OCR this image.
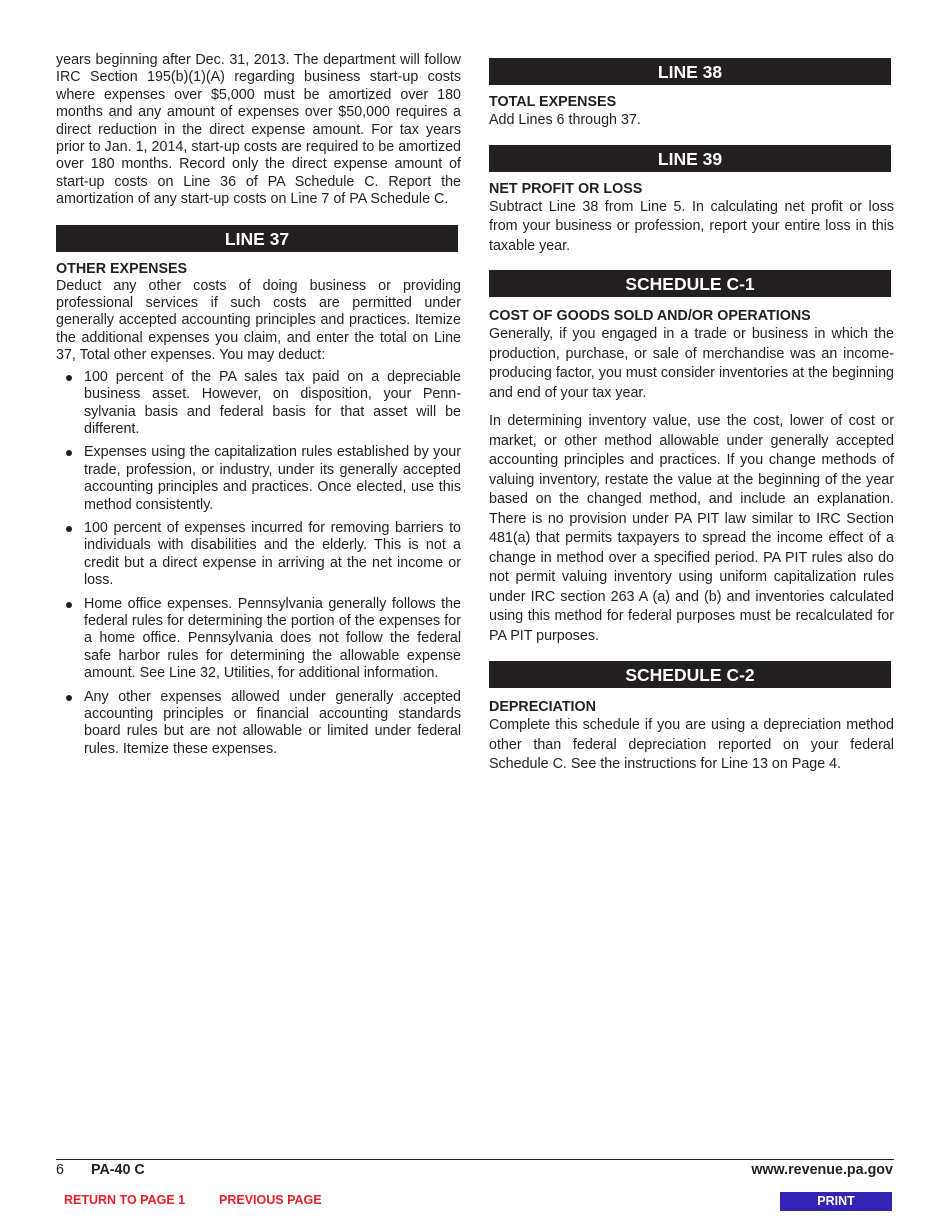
years beginning after Dec. 31, 2013. The department will follow IRC Section 195(b)(1)(A) regarding business start-up costs where expenses over $5,000 must be amortized over 180 months and any amount of expenses over $50,000 requires a direct reduction in the direct expense amount. For tax years prior to Jan. 1, 2014, start-up costs are required to be amortized over 180 months. Record only the direct expense amount of start-up costs on Line 36 of PA Schedule C. Report the amortization of any start-up costs on Line 7 of PA Schedule C.

LINE 37
OTHER EXPENSES

Deduct any other costs of doing business or providing professional services if such costs are permitted under generally accepted accounting principles and practices. Itemize the additional expenses you claim, and enter the total on Line 37, Total other expenses. You may deduct:

100 percent of the PA sales tax paid on a depreciable business asset. However, on disposition, your Pennsylvania basis and federal basis for that asset will be different.
Expenses using the capitalization rules established by your trade, profession, or industry, under its generally accepted accounting principles and practices. Once elected, use this method consistently.
100 percent of expenses incurred for removing barriers to individuals with disabilities and the elderly. This is not a credit but a direct expense in arriving at the net income or loss.
Home office expenses. Pennsylvania generally follows the federal rules for determining the portion of the expenses for a home office. Pennsylvania does not follow the federal safe harbor rules for determining the allowable expense amount. See Line 32, Utilities, for additional information.
Any other expenses allowed under generally accepted accounting principles or financial accounting standards board rules but are not allowable or limited under federal rules. Itemize these expenses.
LINE 38
TOTAL EXPENSES

Add Lines 6 through 37.

LINE 39
NET PROFIT OR LOSS

Subtract Line 38 from Line 5. In calculating net profit or loss from your business or profession, report your entire loss in this taxable year.

SCHEDULE C-1
COST OF GOODS SOLD AND/OR OPERATIONS

Generally, if you engaged in a trade or business in which the production, purchase, or sale of merchandise was an income-producing factor, you must consider inventories at the beginning and end of your tax year.

In determining inventory value, use the cost, lower of cost or market, or other method allowable under generally accepted accounting principles and practices. If you change methods of valuing inventory, restate the value at the beginning of the year based on the changed method, and include an explanation. There is no provision under PA PIT law similar to IRC Section 481(a) that permits taxpayers to spread the income effect of a change in method over a specified period. PA PIT rules also do not permit valuing inventory using uniform capitalization rules under IRC section 263 A (a) and (b) and inventories calculated using this method for federal purposes must be recalculated for PA PIT purposes.

SCHEDULE C-2
DEPRECIATION

Complete this schedule if you are using a depreciation method other than federal depreciation reported on your federal Schedule C. See the instructions for Line 13 on Page 4.

6 PA-40 C	www.revenue.pa.gov
RETURN TO PAGE 1	PREVIOUS PAGE	PRINT
